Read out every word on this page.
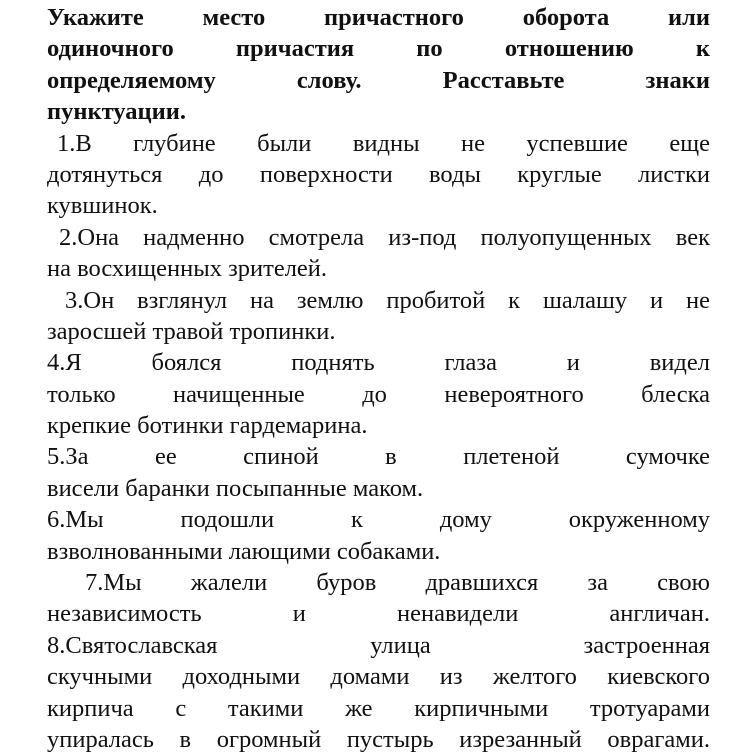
Укажите место причастного оборота или
одиночного причастия по отношению к
определяемому слову. Расставьте знаки
пунктуации.
1.В глубине были видны не успевшие еще
дотянуться до поверхности воды круглые листки
кувшинок.
2.Она надменно смотрела из-под полуопущенных век
на восхищенных зрителей.
3.Он взглянул на землю пробитой к шалашу и не
заросшей травой тропинки.
4.Я боялся поднять глаза и видел
только начищенные до невероятного блеска
крепкие ботинки гардемарина.
5.За ее спиной в плетеной сумочке
висели баранки посыпанные маком.
6.Мы подошли к дому окруженному
взволнованными лающими собаками.
7.Мы жалели буров дравшихся за свою
независимость и ненавидели англичан.
8.Святославская улица застроенная
скучными доходными домами из желтого киевского
кирпича с такими же кирпичными тротуарами
упиралась в огромный пустырь изрезанный оврагами.
